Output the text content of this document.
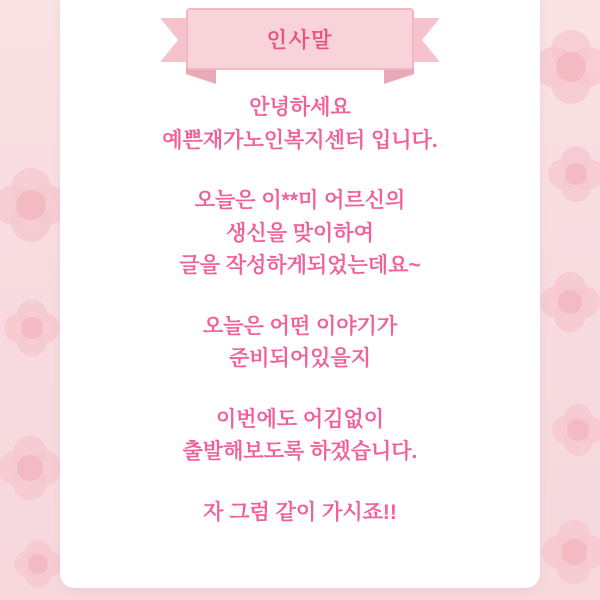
인사말
안녕하세요
예쁜재가노인복지센터 입니다.
오늘은 이**미 어르신의
생신을 맞이하여
글을 작성하게되었는데요~
오늘은 어떤 이야기가
준비되어있을지
이번에도 어김없이
출발해보도록 하겠습니다.
자 그럼 같이 가시죠!!
